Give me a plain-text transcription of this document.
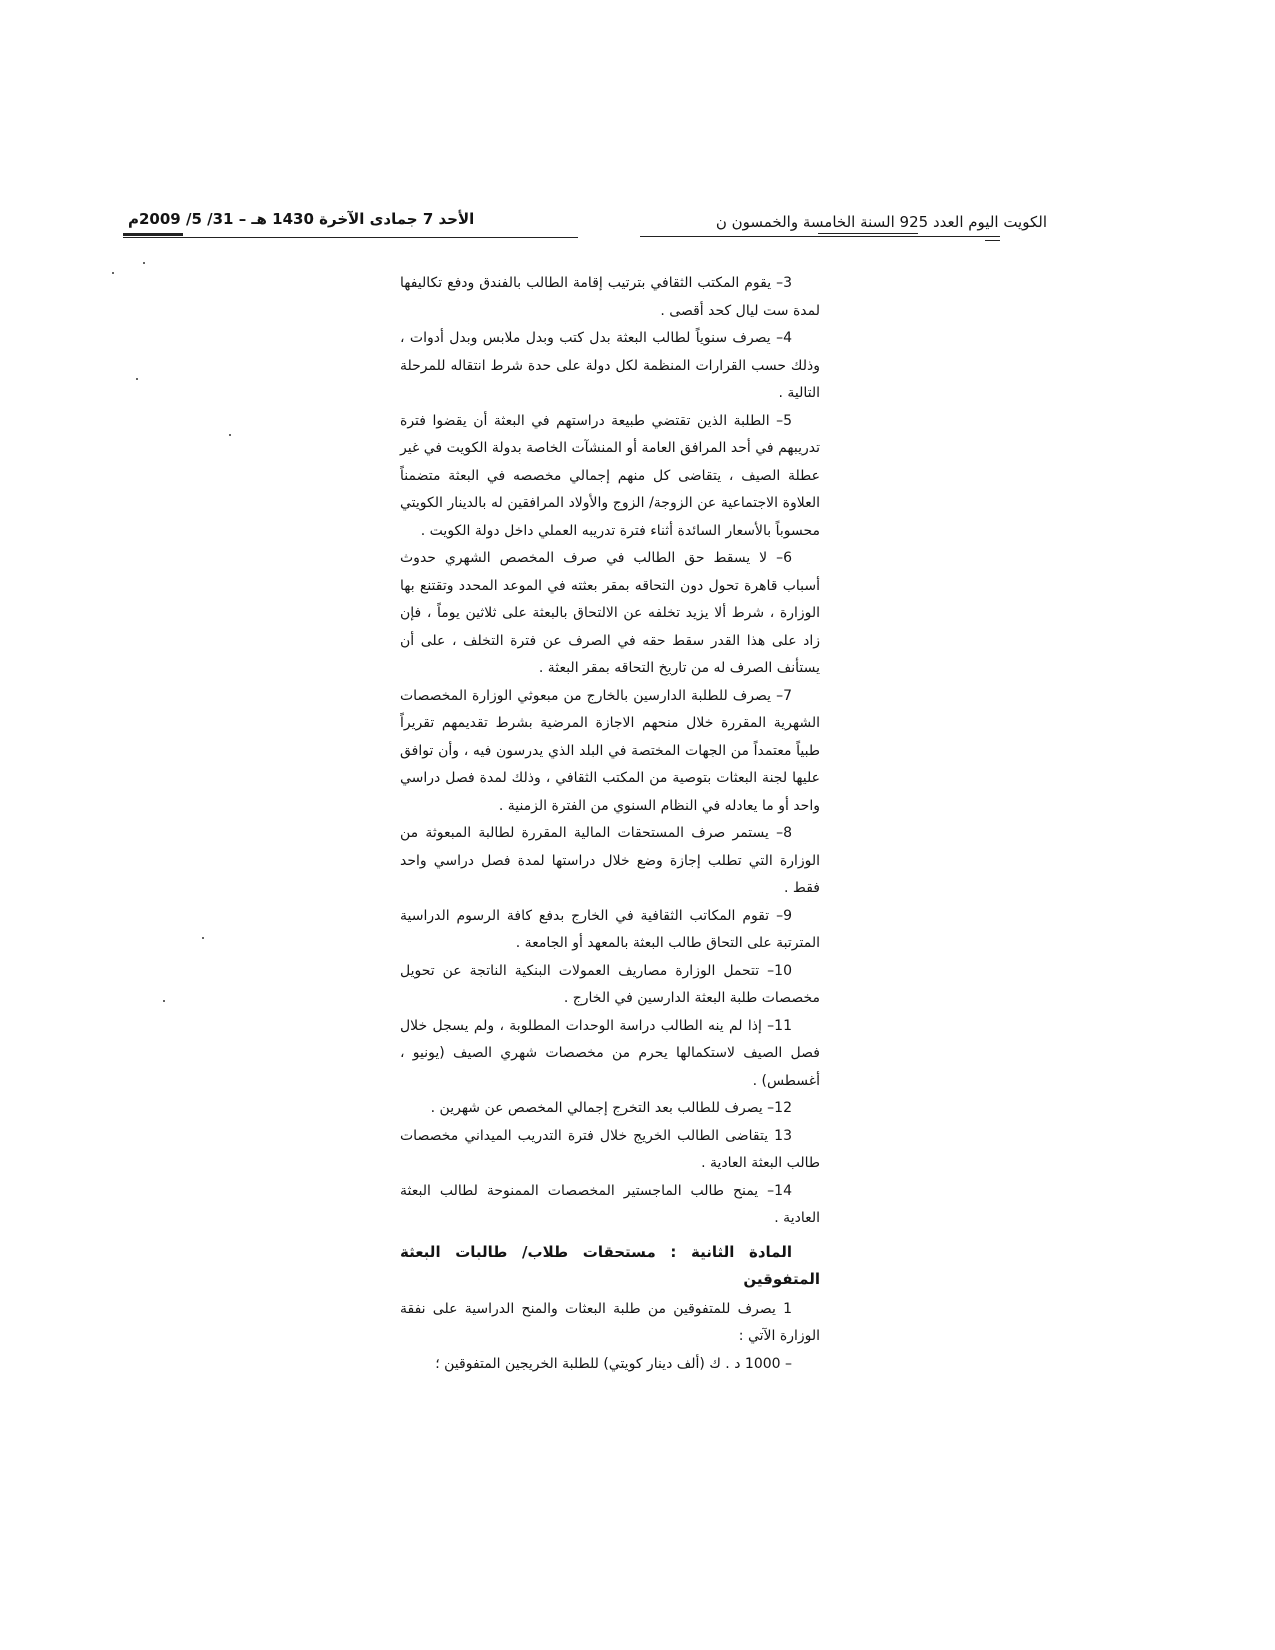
الأحد 7 جمادى الآخرة 1430 هـ – 31/ 5/ 2009م	الكويت اليوم العدد 925 السنة الخامسة والخمسون ن

3– يقوم المكتب الثقافي بترتيب إقامة الطالب بالفندق ودفع تكاليفها لمدة ست ليال كحد أقصى .

4– يصرف سنوياً لطالب البعثة بدل كتب وبدل ملابس وبدل أدوات ، وذلك حسب القرارات المنظمة لكل دولة على حدة شرط انتقاله للمرحلة التالية .

5– الطلبة الذين تقتضي طبيعة دراستهم في البعثة أن يقضوا فترة تدريبهم في أحد المرافق العامة أو المنشآت الخاصة بدولة الكويت في غير عطلة الصيف ، يتقاضى كل منهم إجمالي مخصصه في البعثة متضمناً العلاوة الاجتماعية عن الزوجة/ الزوج والأولاد المرافقين له بالدينار الكويتي محسوباً بالأسعار السائدة أثناء فترة تدريبه العملي داخل دولة الكويت .

6– لا يسقط حق الطالب في صرف المخصص الشهري حدوث أسباب قاهرة تحول دون التحاقه بمقر بعثته في الموعد المحدد وتقتنع بها الوزارة ، شرط ألا يزيد تخلفه عن الالتحاق بالبعثة على ثلاثين يوماً ، فإن زاد على هذا القدر سقط حقه في الصرف عن فترة التخلف ، على أن يستأنف الصرف له من تاريخ التحاقه بمقر البعثة .

7– يصرف للطلبة الدارسين بالخارج من مبعوثي الوزارة المخصصات الشهرية المقررة خلال منحهم الاجازة المرضية بشرط تقديمهم تقريراً طبياً معتمداً من الجهات المختصة في البلد الذي يدرسون فيه ، وأن توافق عليها لجنة البعثات بتوصية من المكتب الثقافي ، وذلك لمدة فصل دراسي واحد أو ما يعادله في النظام السنوي من الفترة الزمنية .

8– يستمر صرف المستحقات المالية المقررة لطالبة المبعوثة من الوزارة التي تطلب إجازة وضع خلال دراستها لمدة فصل دراسي واحد فقط .

9– تقوم المكاتب الثقافية في الخارج بدفع كافة الرسوم الدراسية المترتبة على التحاق طالب البعثة بالمعهد أو الجامعة .

10– تتحمل الوزارة مصاريف العمولات البنكية الناتجة عن تحويل مخصصات طلبة البعثة الدارسين في الخارج .

11– إذا لم ينه الطالب دراسة الوحدات المطلوبة ، ولم يسجل خلال فصل الصيف لاستكمالها يحرم من مخصصات شهري الصيف (يونيو ، أغسطس) .

12– يصرف للطالب بعد التخرج إجمالي المخصص عن شهرين .

13 يتقاضى الطالب الخريج خلال فترة التدريب الميداني مخصصات طالب البعثة العادية .

14– يمنح طالب الماجستير المخصصات الممنوحة لطالب البعثة العادية .

المادة الثانية : مستحقات طلاب/ طالبات البعثة المتفوقين

1 يصرف للمتفوقين من طلبة البعثات والمنح الدراسية على نفقة الوزارة الآتي :

– 1000 د . ك (ألف دينار كويتي) للطلبة الخريجين المتفوقين ؛
